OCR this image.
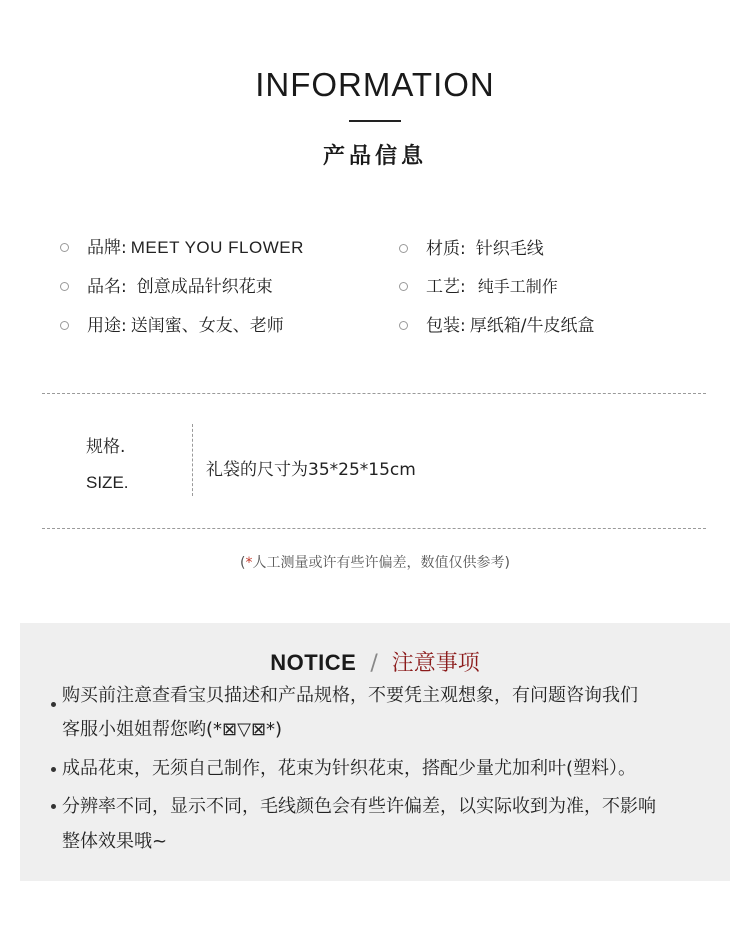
INFORMATION
产品信息
品牌: MEET YOU FLOWER
品名: 创意成品针织花束
用途: 送闺蜜、女友、老师
材质: 针织毛线
工艺: 纯手工制作
包装: 厚纸箱/牛皮纸盒
规格.
SIZE.
礼袋的尺寸为35*25*15cm
(*人工测量或许有些许偏差，数值仅供参考)
NOTICE / 注意事项
购买前注意查看宝贝描述和产品规格，不要凭主观想象，有问题咨询我们
客服小姐姐帮您哟(*⊠▽⊠*)
成品花束，无须自己制作，花束为针织花束，搭配少量尤加利叶(塑料）。
分辨率不同，显示不同，毛线颜色会有些许偏差，以实际收到为准，不影响
整体效果哦~
